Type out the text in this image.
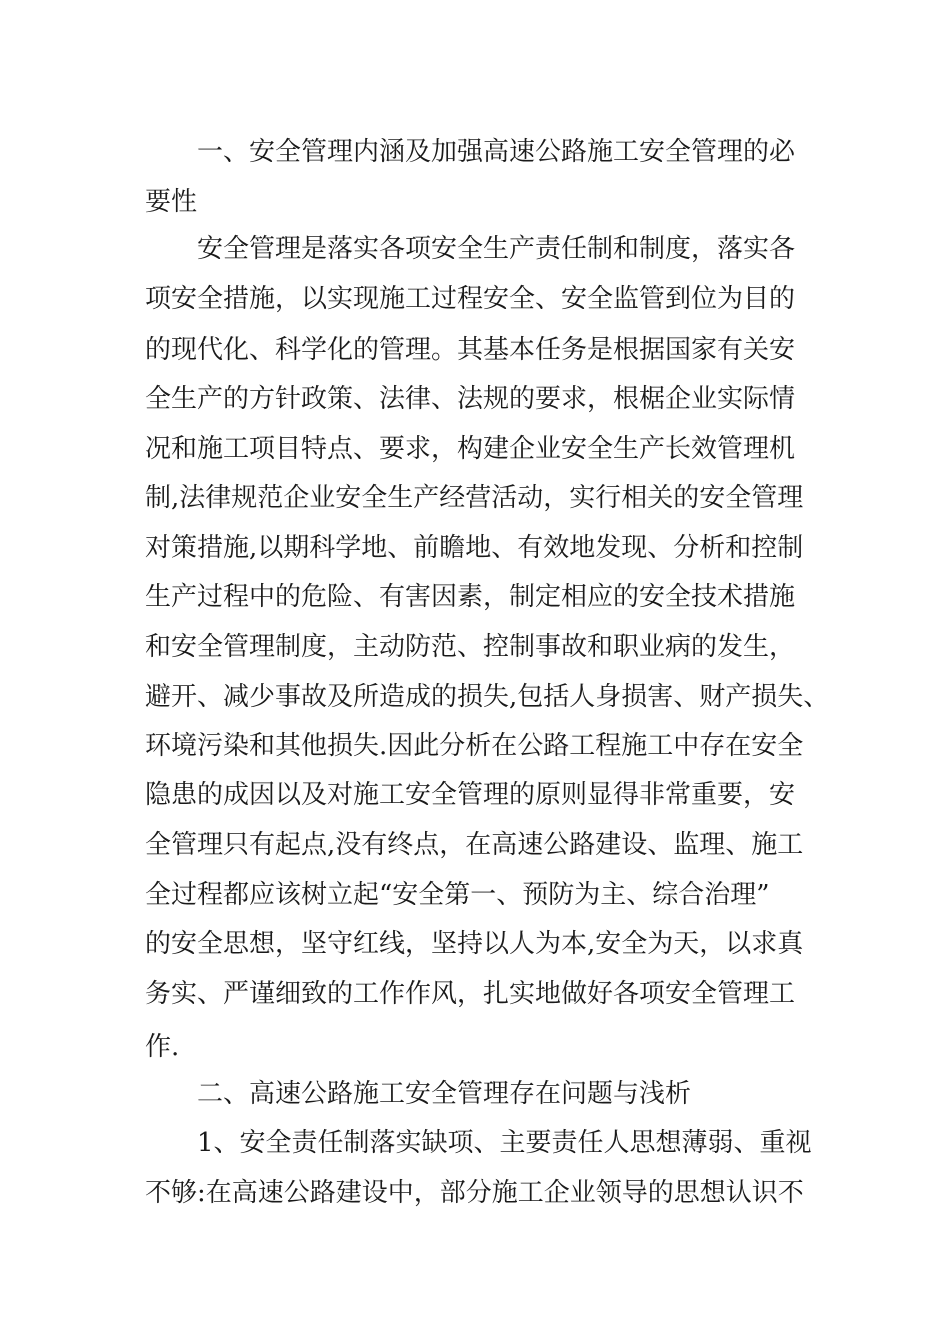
一、安全管理内涵及加强高速公路施工安全管理的必
要性
安全管理是落实各项安全生产责任制和制度，落实各
项安全措施，以实现施工过程安全、安全监管到位为目的
的现代化、科学化的管理。其基本任务是根据国家有关安
全生产的方针政策、法律、法规的要求，根椐企业实际情
况和施工项目特点、要求，构建企业安全生产长效管理机
制,法律规范企业安全生产经营活动，实行相关的安全管理
对策措施,以期科学地、前瞻地、有效地发现、分析和控制
生产过程中的危险、有害因素，制定相应的安全技术措施
和安全管理制度，主动防范、控制事故和职业病的发生，
避开、减少事故及所造成的损失,包括人身损害、财产损失、
环境污染和其他损失.因此分析在公路工程施工中存在安全
隐患的成因以及对施工安全管理的原则显得非常重要，安
全管理只有起点,没有终点，在高速公路建设、监理、施工
全过程都应该树立起“安全第一、预防为主、综合治理”
的安全思想，坚守红线，坚持以人为本,安全为天，以求真
务实、严谨细致的工作作风，扎实地做好各项安全管理工
作.
二、高速公路施工安全管理存在问题与浅析
1、安全责任制落实缺项、主要责任人思想薄弱、重视
不够:在高速公路建设中，部分施工企业领导的思想认识不
